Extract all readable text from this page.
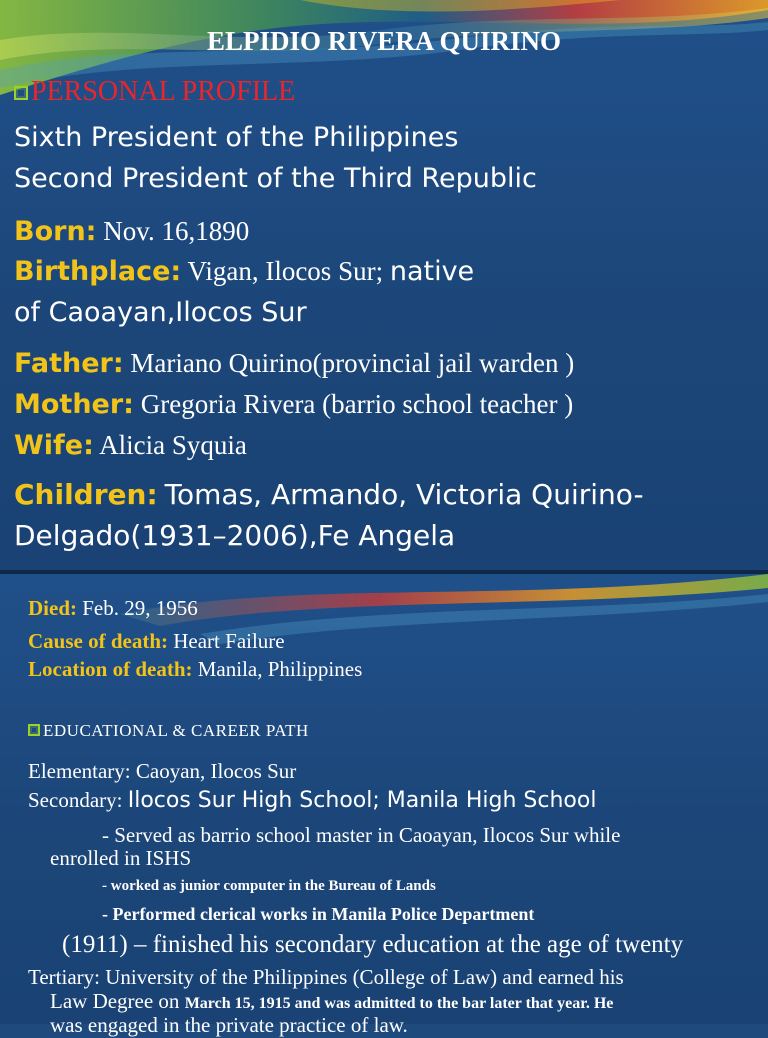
ELPIDIO RIVERA QUIRINO
PERSONAL PROFILE
Sixth President of the Philippines
Second President of the Third Republic
Born: Nov. 16,1890
Birthplace: Vigan, Ilocos Sur; native
of Caoayan,Ilocos Sur
Father: Mariano Quirino(provincial jail warden )
Mother: Gregoria Rivera (barrio school teacher )
Wife: Alicia Syquia
Children: Tomas, Armando, Victoria Quirino-
Delgado(1931–2006),Fe Angela
Died: Feb. 29, 1956
Cause of death: Heart Failure
Location of death: Manila, Philippines
EDUCATIONAL & CAREER PATH
Elementary: Caoyan, Ilocos Sur
Secondary: Ilocos Sur High School; Manila High School
- Served as barrio school master in Caoayan, Ilocos Sur while
enrolled in ISHS
- worked as junior computer in the Bureau of Lands
- Performed clerical works in Manila Police Department
(1911) – finished his secondary education at the age of twenty
Tertiary: University of the Philippines (College of Law) and earned his
Law Degree on March 15, 1915 and was admitted to the bar later that year. He
was engaged in the private practice of law.
